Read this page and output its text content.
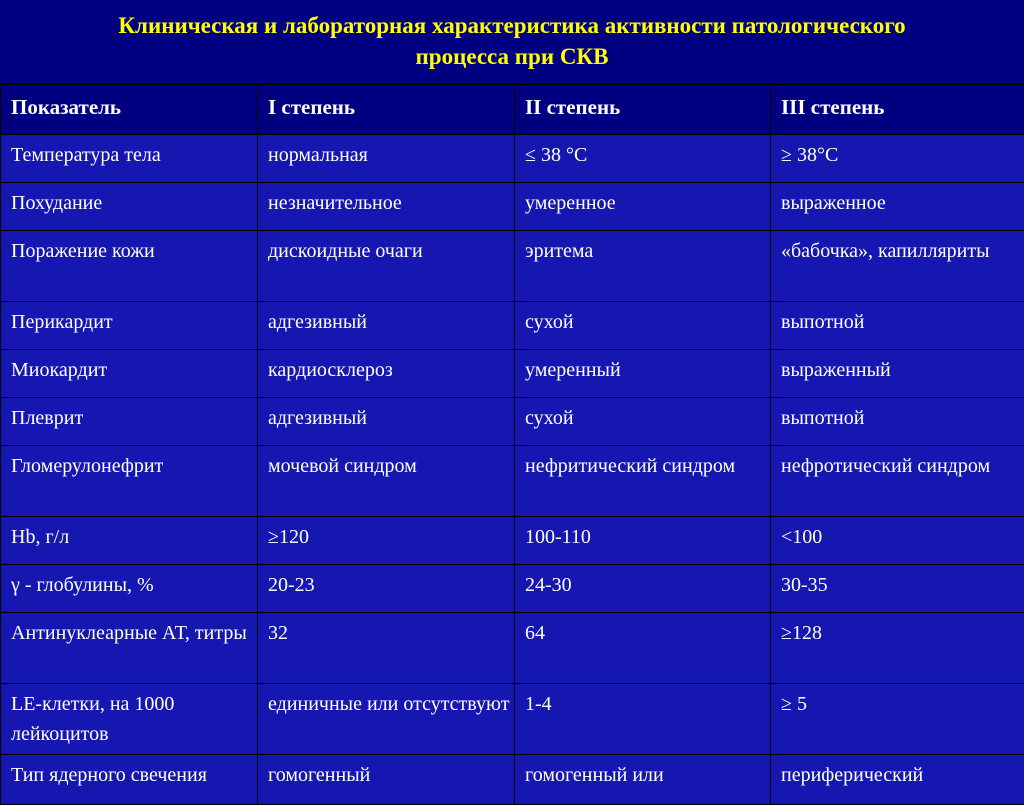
Клиническая и лабораторная характеристика активности патологического
процесса при СКВ
Показатель	I степень	II степень	III степень
Температура тела	нормальная	≤ 38 °C	≥ 38°C
Похудание	незначительное	умеренное	выраженное
Поражение кожи	дискоидные очаги	эритема	«бабочка», капилляриты
Перикардит	адгезивный	сухой	выпотной
Миокардит	кардиосклероз	умеренный	выраженный
Плеврит	адгезивный	сухой	выпотной
Гломерулонефрит	мочевой синдром	нефритический синдром	нефротический синдром
Hb, г/л	≥120	100-110	<100
γ - глобулины, %	20-23	24-30	30-35
Антинуклеарные АТ, титры	32	64	≥128
LE-клетки, на 1000 лейкоцитов	единичные или отсутствуют	1-4	≥ 5
Тип ядерного свечения	гомогенный	гомогенный или	периферический
